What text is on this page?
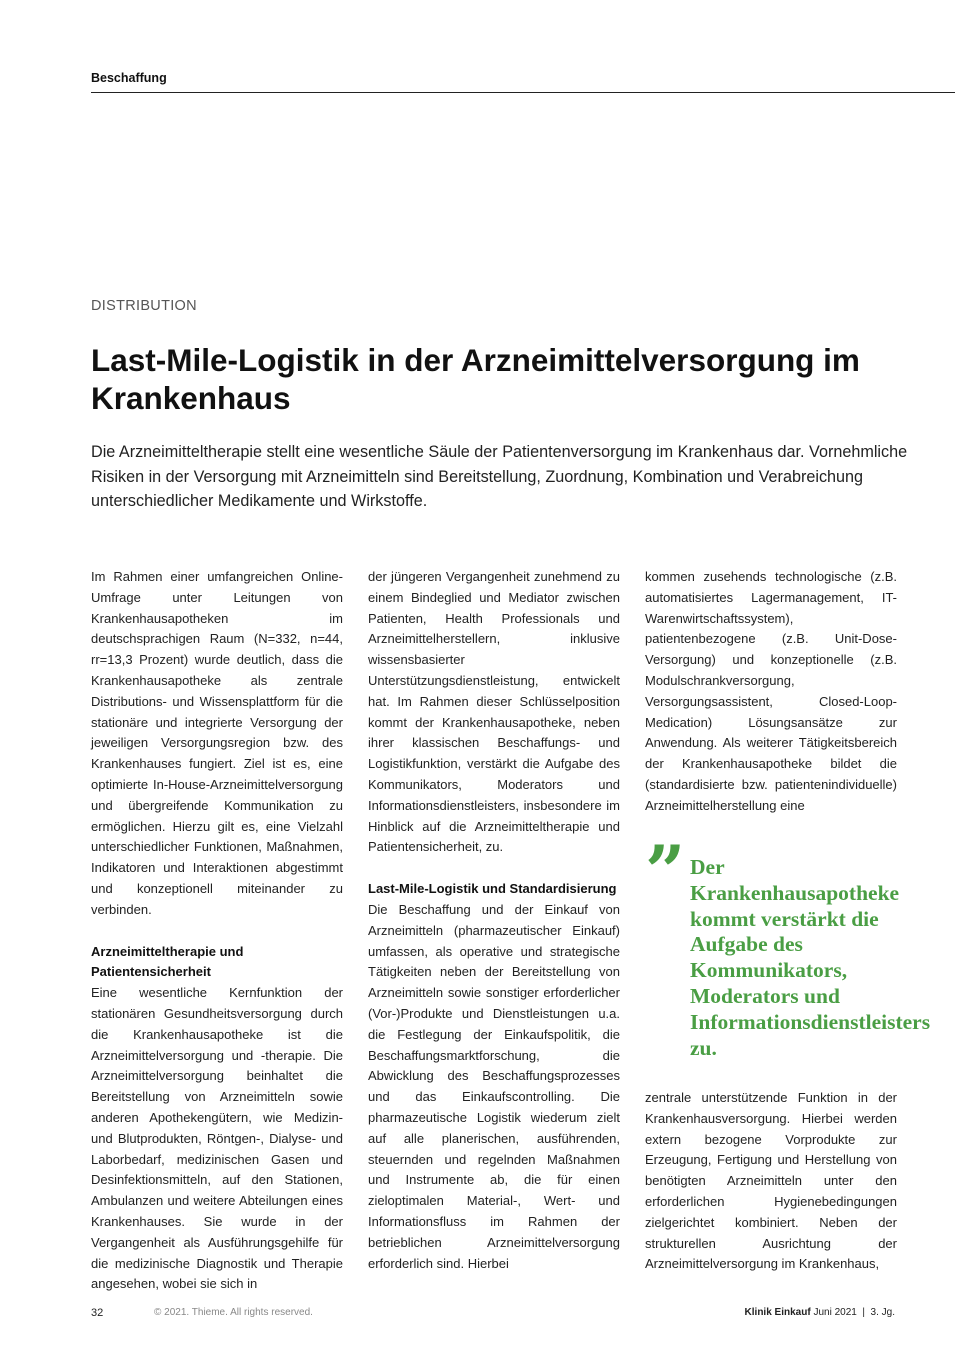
Beschaffung
DISTRIBUTION
Last-Mile-Logistik in der Arzneimittelversorgung im Krankenhaus

Die Arzneimitteltherapie stellt eine wesentliche Säule der Patientenversorgung im Krankenhaus dar. Vornehmliche Risiken in der Versorgung mit Arzneimitteln sind Bereitstellung, Zuordnung, Kombination und Verabreichung unterschiedlicher Medikamente und Wirkstoffe.

Im Rahmen einer umfangreichen Online-Umfrage unter Leitungen von Krankenhausapotheken im deutschsprachigen Raum (N=332, n=44, rr=13,3 Prozent) wurde deutlich, dass die Krankenhausapotheke als zentrale Distributions- und Wissensplattform für die stationäre und integrierte Versorgung der jeweiligen Versorgungsregion bzw. des Krankenhauses fungiert. Ziel ist es, eine optimierte In-House-Arzneimittelversorgung und übergreifende Kommunikation zu ermöglichen. Hierzu gilt es, eine Vielzahl unterschiedlicher Funktionen, Maßnahmen, Indikatoren und Interaktionen abgestimmt und konzeptionell miteinander zu verbinden.

Arzneimitteltherapie und Patientensicherheit

Eine wesentliche Kernfunktion der stationären Gesundheitsversorgung durch die Krankenhausapotheke ist die Arzneimittelversorgung und -therapie. Die Arzneimittelversorgung beinhaltet die Bereitstellung von Arzneimitteln sowie anderen Apothekengütern, wie Medizin- und Blutprodukten, Röntgen-, Dialyse- und Laborbedarf, medizinischen Gasen und Desinfektionsmitteln, auf den Stationen, Ambulanzen und weitere Abteilungen eines Krankenhauses. Sie wurde in der Vergangenheit als Ausführungsgehilfe für die medizinische Diagnostik und Therapie angesehen, wobei sie sich in

der jüngeren Vergangenheit zunehmend zu einem Bindeglied und Mediator zwischen Patienten, Health Professionals und Arzneimittelherstellern, inklusive wissensbasierter Unterstützungsdienstleistung, entwickelt hat. Im Rahmen dieser Schlüsselposition kommt der Krankenhausapotheke, neben ihrer klassischen Beschaffungs- und Logistikfunktion, verstärkt die Aufgabe des Kommunikators, Moderators und Informationsdienstleisters, insbesondere im Hinblick auf die Arzneimitteltherapie und Patientensicherheit, zu.

Last-Mile-Logistik und Standardisierung

Die Beschaffung und der Einkauf von Arzneimitteln (pharmazeutischer Einkauf) umfassen, als operative und strategische Tätigkeiten neben der Bereitstellung von Arzneimitteln sowie sonstiger erforderlicher (Vor-)Produkte und Dienstleistungen u.a. die Festlegung der Einkaufspolitik, die Beschaffungsmarktforschung, die Abwicklung des Beschaffungsprozesses und das Einkaufscontrolling. Die pharmazeutische Logistik wiederum zielt auf alle planerischen, ausführenden, steuernden und regelnden Maßnahmen und Instrumente ab, die für einen zieloptimalen Material-, Wert- und Informationsfluss im Rahmen der betrieblichen Arzneimittelversorgung erforderlich sind. Hierbei

kommen zusehends technologische (z.B. automatisiertes Lagermanagement, IT-Warenwirtschaftssystem), patientenbezogene (z.B. Unit-Dose-Versorgung) und konzeptionelle (z.B. Modulschrankversorgung, Versorgungsassistent, Closed-Loop-Medication) Lösungsansätze zur Anwendung. Als weiterer Tätigkeitsbereich der Krankenhausapotheke bildet die (standardisierte bzw. patientenindividuelle) Arzneimittelherstellung eine

” Der Krankenhausapotheke kommt verstärkt die Aufgabe des Kommunikators, Moderators und Informationsdienstleisters zu.

zentrale unterstützende Funktion in der Krankenhausversorgung. Hierbei werden extern bezogene Vorprodukte zur Erzeugung, Fertigung und Herstellung von benötigten Arzneimitteln unter den erforderlichen Hygienebedingungen zielgerichtet kombiniert. Neben der strukturellen Ausrichtung der Arzneimittelversorgung im Krankenhaus,

32	© 2021. Thieme. All rights reserved.	Klinik Einkauf Juni 2021  |  3. Jg.
